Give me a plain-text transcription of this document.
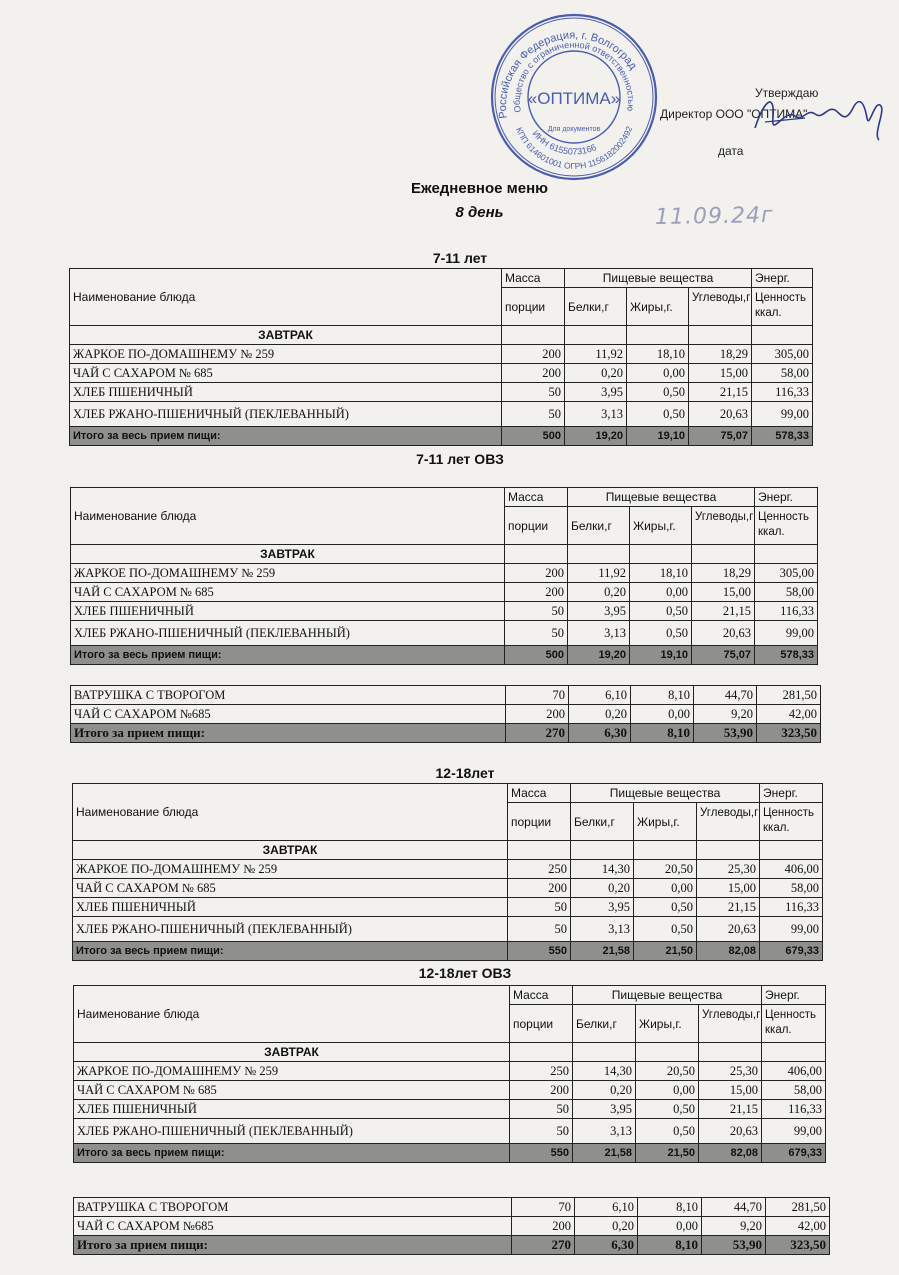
Российская Федерация, г. Волгоград
Общество с ограниченной ответственностью
«ОПТИМА»
Для документов
ИНН 6155073166
КПП 614601001 ОГРН 1156182002492
Утверждаю
Директор ООО "ОПТИМА"
дата
11.09.24г
Ежедневное меню
8 день
7-11 лет
Наименование блюда	Масса	Пищевые вещества			Энерг.
	порции	Белки,г	Жиры,г.	Углеводы,г	Ценность ккал.
ЗАВТРАК					
ЖАРКОЕ ПО-ДОМАШНЕМУ № 259	200	11,92	18,10	18,29	305,00
ЧАЙ С САХАРОМ № 685	200	0,20	0,00	15,00	58,00
ХЛЕБ ПШЕНИЧНЫЙ	50	3,95	0,50	21,15	116,33
ХЛЕБ РЖАНО-ПШЕНИЧНЫЙ (ПЕКЛЕВАННЫЙ)	50	3,13	0,50	20,63	99,00
Итого за весь прием пищи:	500	19,20	19,10	75,07	578,33
7-11 лет ОВЗ
Наименование блюда	Масса	Пищевые вещества			Энерг.
	порции	Белки,г	Жиры,г.	Углеводы,г	Ценность ккал.
ЗАВТРАК					
ЖАРКОЕ ПО-ДОМАШНЕМУ № 259	200	11,92	18,10	18,29	305,00
ЧАЙ С САХАРОМ № 685	200	0,20	0,00	15,00	58,00
ХЛЕБ ПШЕНИЧНЫЙ	50	3,95	0,50	21,15	116,33
ХЛЕБ РЖАНО-ПШЕНИЧНЫЙ (ПЕКЛЕВАННЫЙ)	50	3,13	0,50	20,63	99,00
Итого за весь прием пищи:	500	19,20	19,10	75,07	578,33
ВАТРУШКА С ТВОРОГОМ	70	6,10	8,10	44,70	281,50
ЧАЙ С САХАРОМ №685	200	0,20	0,00	9,20	42,00
Итого за прием пищи:	270	6,30	8,10	53,90	323,50
12-18лет
Наименование блюда	Масса	Пищевые вещества			Энерг.
	порции	Белки,г	Жиры,г.	Углеводы,г	Ценность ккал.
ЗАВТРАК					
ЖАРКОЕ ПО-ДОМАШНЕМУ № 259	250	14,30	20,50	25,30	406,00
ЧАЙ С САХАРОМ № 685	200	0,20	0,00	15,00	58,00
ХЛЕБ ПШЕНИЧНЫЙ	50	3,95	0,50	21,15	116,33
ХЛЕБ РЖАНО-ПШЕНИЧНЫЙ (ПЕКЛЕВАННЫЙ)	50	3,13	0,50	20,63	99,00
Итого за весь прием пищи:	550	21,58	21,50	82,08	679,33
12-18лет ОВЗ
Наименование блюда	Масса	Пищевые вещества			Энерг.
	порции	Белки,г	Жиры,г.	Углеводы,г	Ценность ккал.
ЗАВТРАК					
ЖАРКОЕ ПО-ДОМАШНЕМУ № 259	250	14,30	20,50	25,30	406,00
ЧАЙ С САХАРОМ № 685	200	0,20	0,00	15,00	58,00
ХЛЕБ ПШЕНИЧНЫЙ	50	3,95	0,50	21,15	116,33
ХЛЕБ РЖАНО-ПШЕНИЧНЫЙ (ПЕКЛЕВАННЫЙ)	50	3,13	0,50	20,63	99,00
Итого за весь прием пищи:	550	21,58	21,50	82,08	679,33
ВАТРУШКА С ТВОРОГОМ	70	6,10	8,10	44,70	281,50
ЧАЙ С САХАРОМ №685	200	0,20	0,00	9,20	42,00
Итого за прием пищи:	270	6,30	8,10	53,90	323,50
